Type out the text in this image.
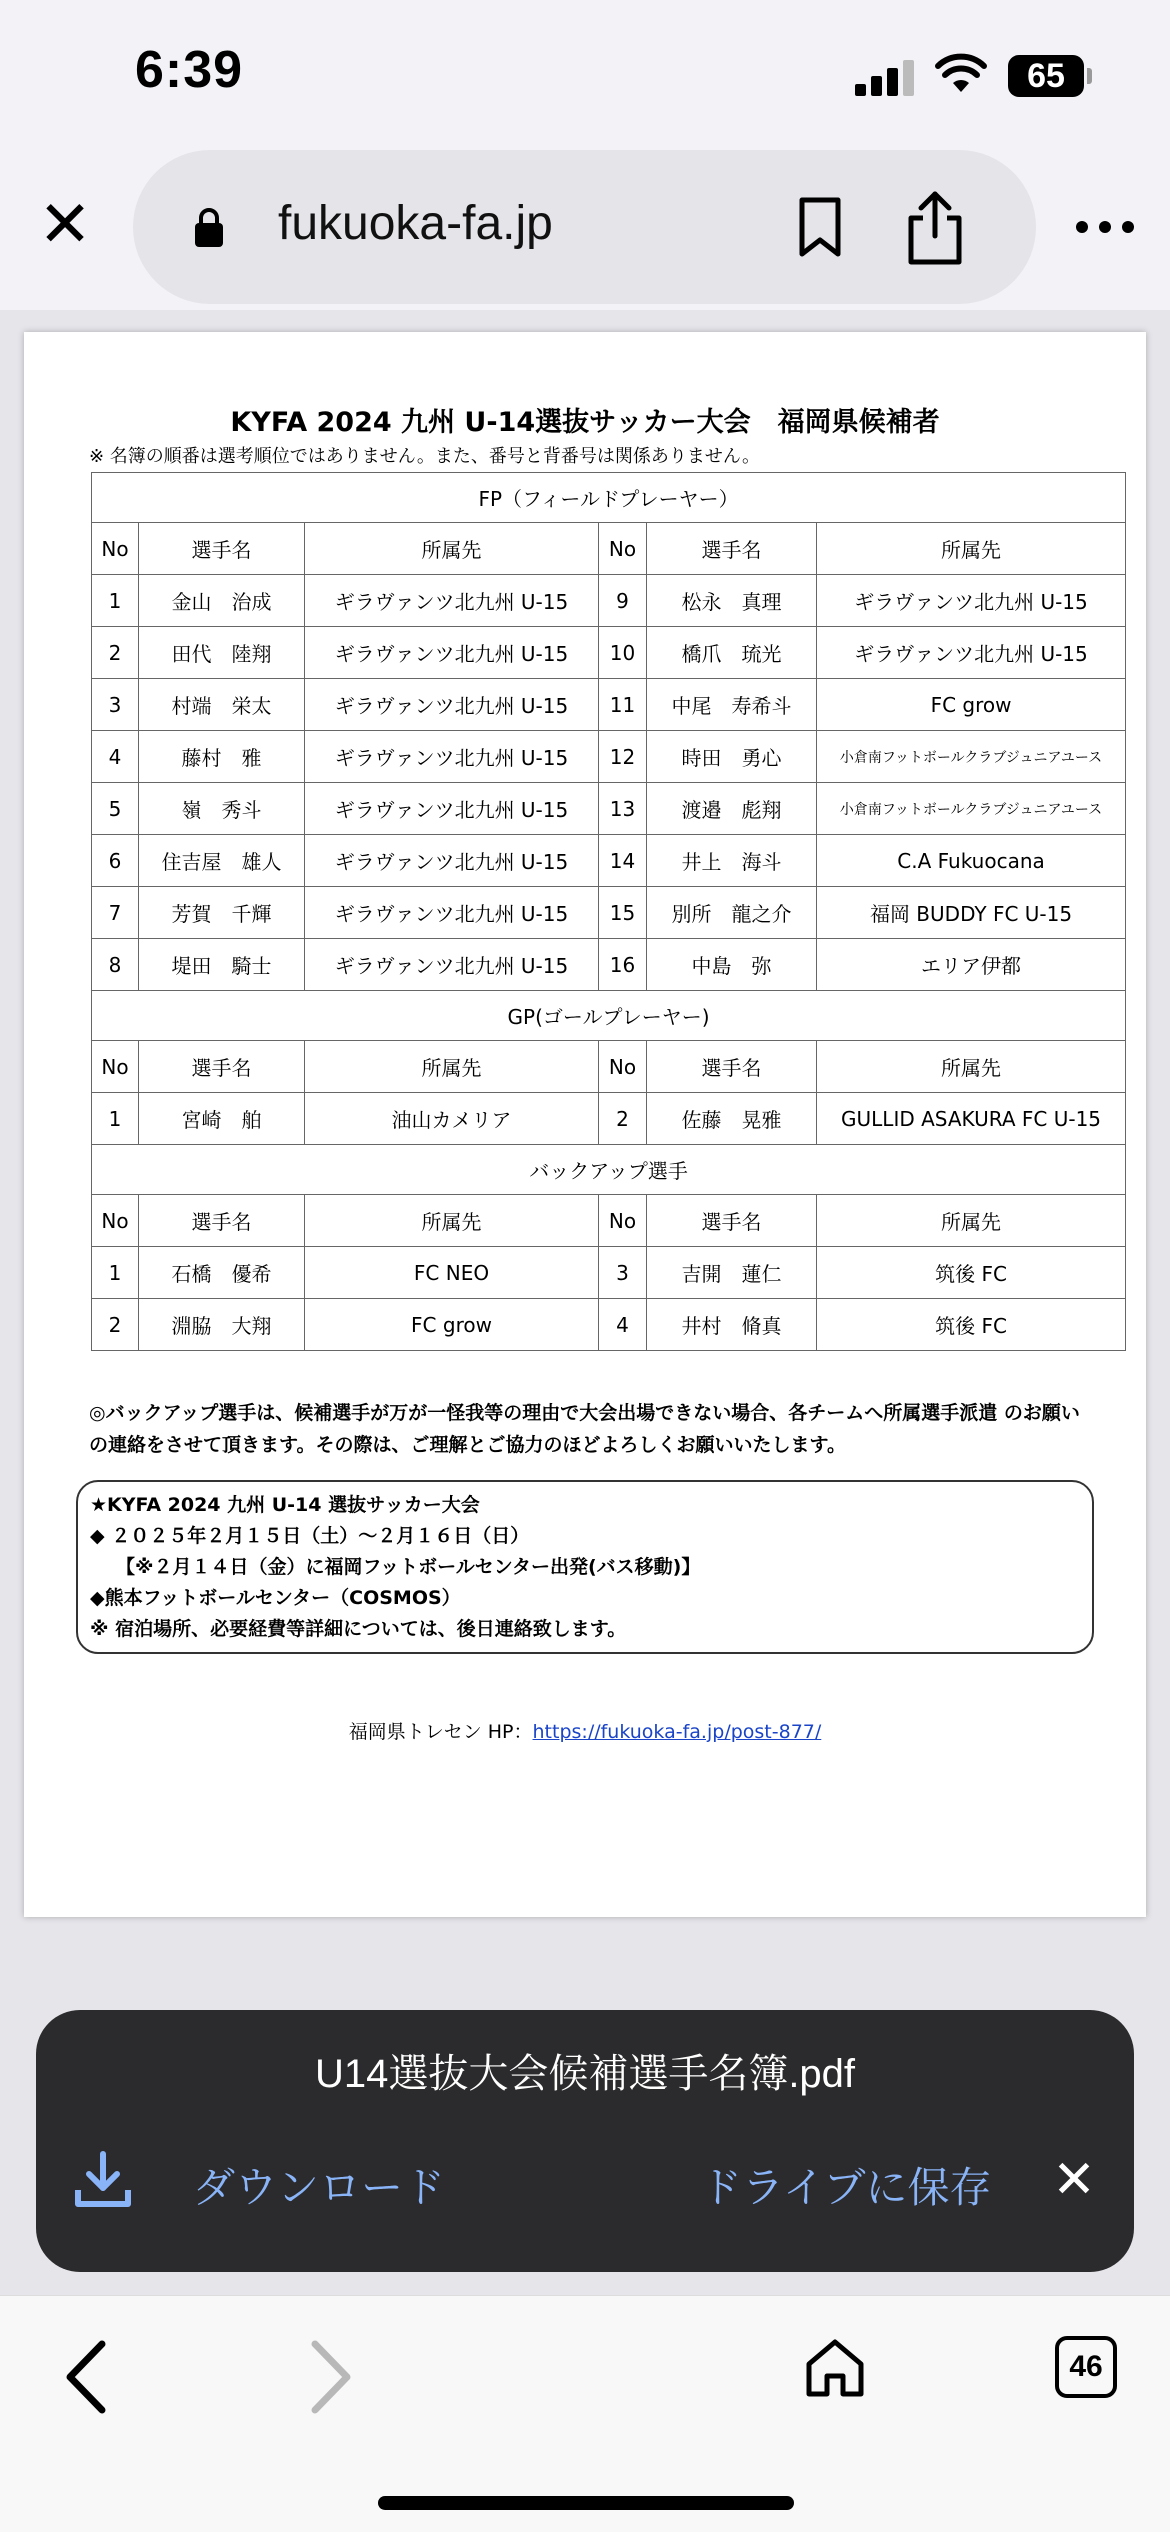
6:39	65
✕	fukuoka-fa.jp
KYFA 2024 九州 U-14選抜サッカー大会　福岡県候補者
※ 名簿の順番は選考順位ではありません。また、番号と背番号は関係ありません。
FP（フィールドプレーヤー）					
No	選手名	所属先	No	選手名	所属先
1	金山　治成	ギラヴァンツ北九州 U-15	9	松永　真理	ギラヴァンツ北九州 U-15
2	田代　陸翔	ギラヴァンツ北九州 U-15	10	橋爪　琉光	ギラヴァンツ北九州 U-15
3	村端　栄太	ギラヴァンツ北九州 U-15	11	中尾　寿希斗	FC grow
4	藤村　雅	ギラヴァンツ北九州 U-15	12	時田　勇心	小倉南フットボールクラブジュニアユース
5	嶺　秀斗	ギラヴァンツ北九州 U-15	13	渡邉　彪翔	小倉南フットボールクラブジュニアユース
6	住吉屋　雄人	ギラヴァンツ北九州 U-15	14	井上　海斗	C.A Fukuocana
7	芳賀　千輝	ギラヴァンツ北九州 U-15	15	別所　龍之介	福岡 BUDDY FC U-15
8	堤田　騎士	ギラヴァンツ北九州 U-15	16	中島　弥	エリア伊都
GP(ゴールプレーヤー)					
No	選手名	所属先	No	選手名	所属先
1	宮崎　舶	油山カメリア	2	佐藤　晃雅	GULLID ASAKURA FC U-15
バックアップ選手					
No	選手名	所属先	No	選手名	所属先
1	石橋　優希	FC NEO	3	吉開　蓮仁	筑後 FC
2	淵脇　大翔	FC grow	4	井村　脩真	筑後 FC
◎バックアップ選手は、候補選手が万が一怪我等の理由で大会出場できない場合、各チームへ所属選手派遣 のお願いの連絡をさせて頂きます。その際は、ご理解とご協力のほどよろしくお願いいたします。
★KYFA 2024 九州 U-14 選抜サッカー大会
◆ ２０２５年２月１５日（土）～２月１６日（日）
【※２月１４日（金）に福岡フットボールセンター出発(バス移動)】
◆熊本フットボールセンター（COSMOS）
※ 宿泊場所、必要経費等詳細については、後日連絡致します。
福岡県トレセン HP：https://fukuoka-fa.jp/post-877/
U14選抜大会候補選手名簿.pdf
ダウンロード	ドライブに保存 ✕
46
